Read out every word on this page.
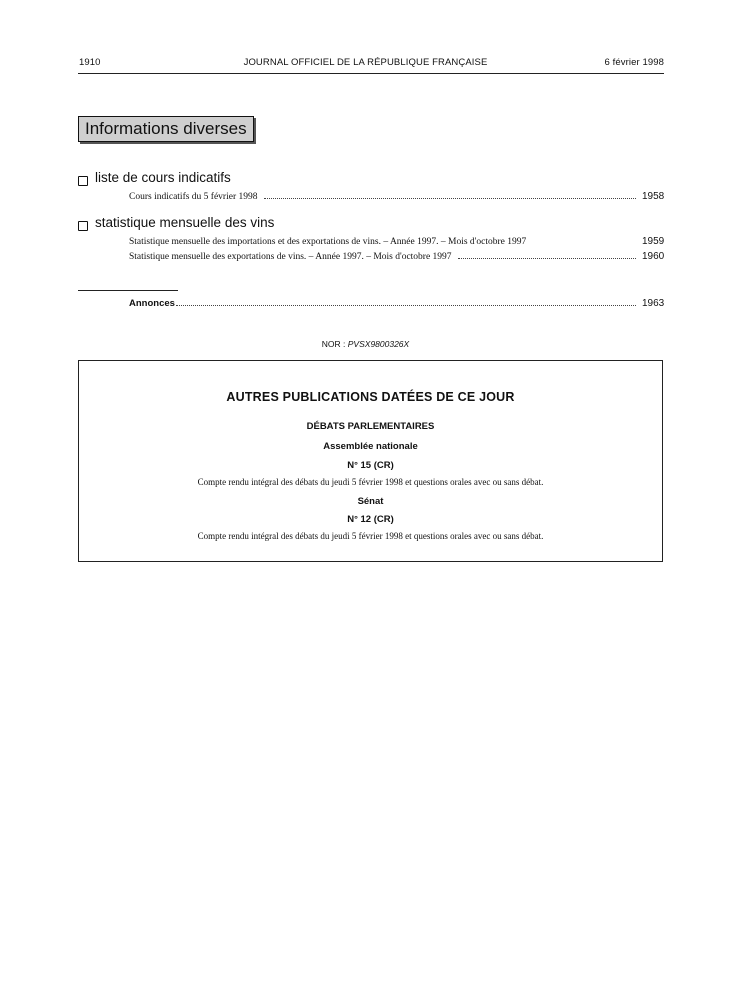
1910	JOURNAL OFFICIEL DE LA RÉPUBLIQUE FRANÇAISE	6 février 1998
Informations diverses
liste de cours indicatifs
Cours indicatifs du 5 février 1998	1958
statistique mensuelle des vins
Statistique mensuelle des importations et des exportations de vins. – Année 1997. – Mois d'octobre 1997	1959
Statistique mensuelle des exportations de vins. – Année 1997. – Mois d'octobre 1997	1960
Annonces	1963
NOR : PVSX9800326X
AUTRES PUBLICATIONS DATÉES DE CE JOUR
DÉBATS PARLEMENTAIRES
Assemblée nationale
N° 15 (CR)
Compte rendu intégral des débats du jeudi 5 février 1998 et questions orales avec ou sans débat.
Sénat
N° 12 (CR)
Compte rendu intégral des débats du jeudi 5 février 1998 et questions orales avec ou sans débat.
